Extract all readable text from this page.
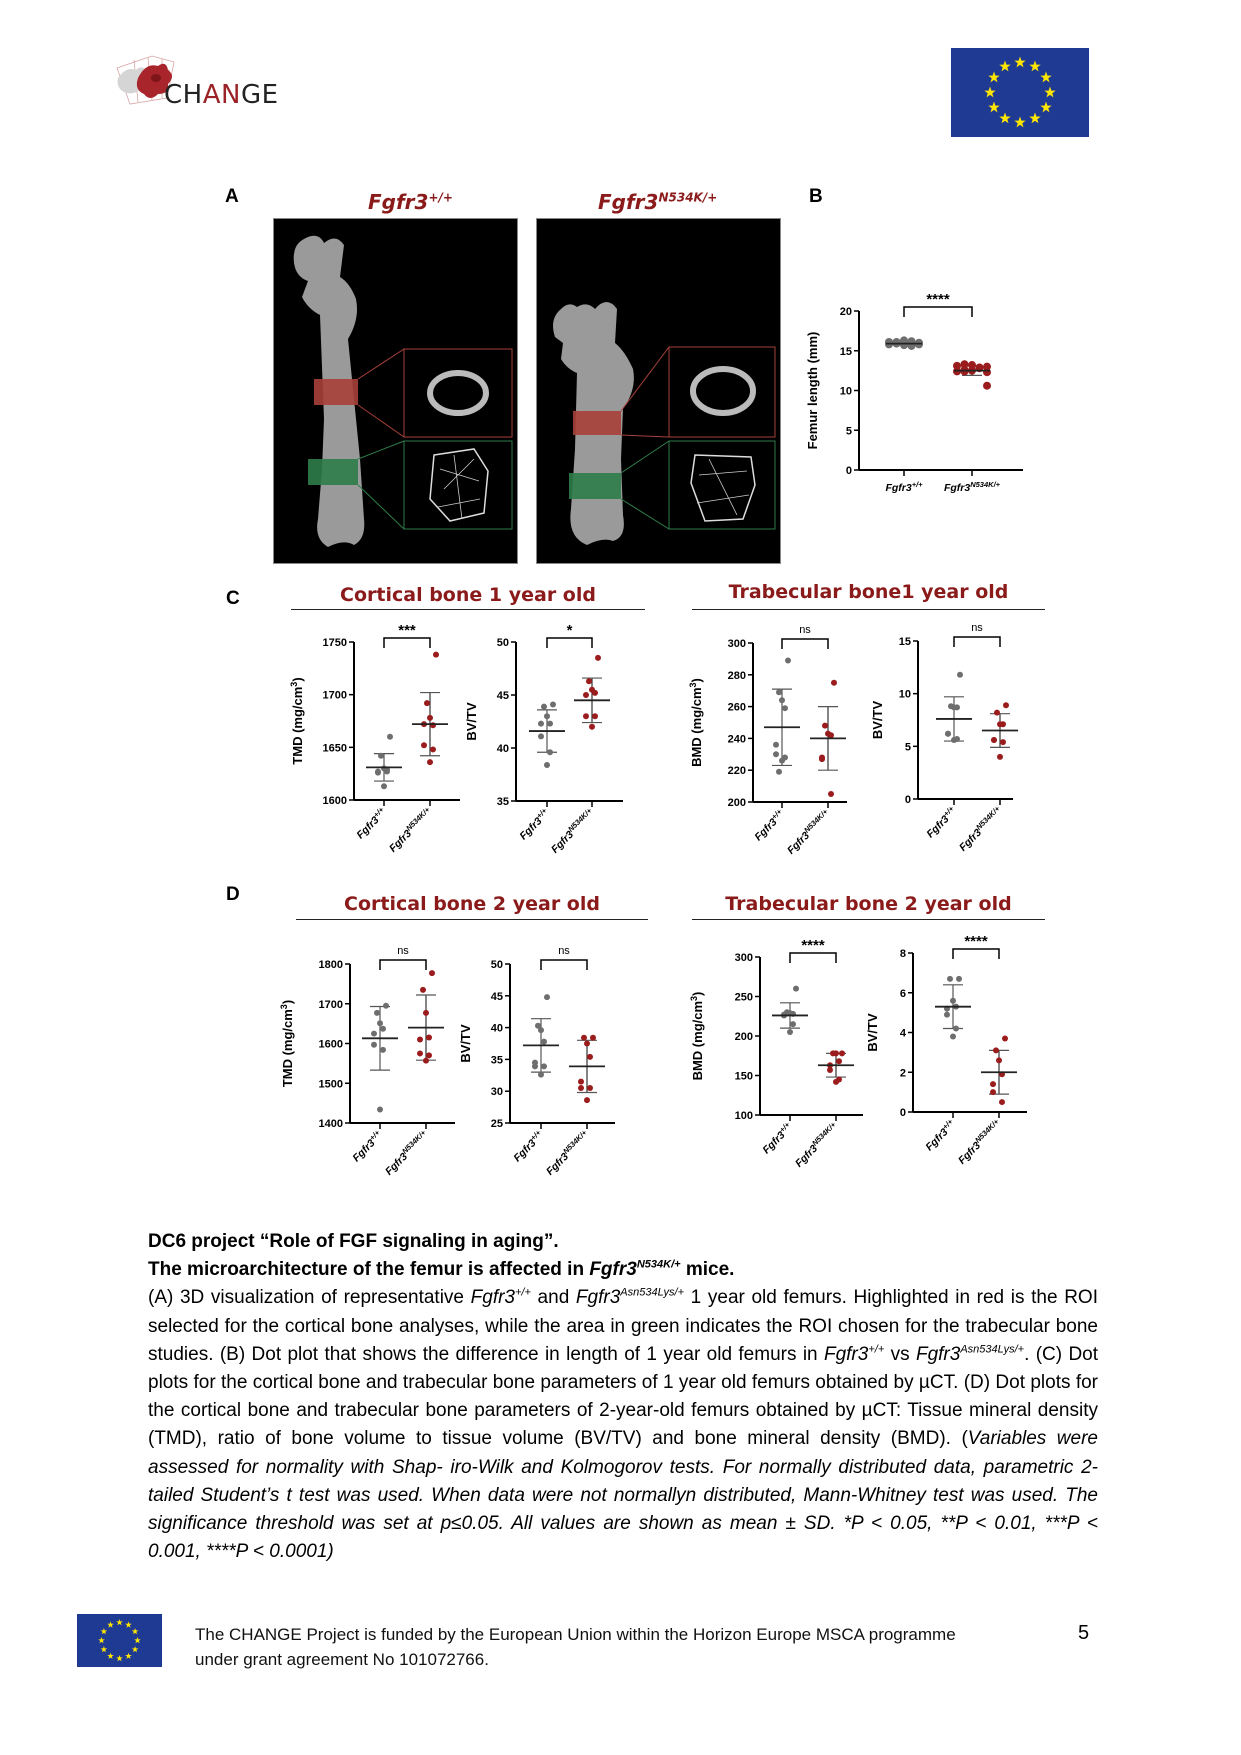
CHANGE
A	Fgfr3+/+	$Fgfr3^{N534K/+}$	B
0
5
10
15
20
Femur length (mm)
Fgfr3+/+ $Fgfr3^{N534K/+}$
****
C	Cortical bone 1 year old	Trabecular bone1 year old
1600
1650
1700
1750
TMD $(mg/cm^3)$
Fgfr3+/+
$Fgfr3^{N534K/+}$
***
35
40
45
50
BV/TV
Fgfr3+/+
$Fgfr3^{N534K/+}$
*
200
220
240
260
280
300
BMD $(mg/cm^3)$
Fgfr3+/+
$Fgfr3^{N534K/+}$
ns
0
5
10
15
BV/TV
Fgfr3+/+
$Fgfr3^{N534K/+}$
ns
D	Cortical bone 2 year old	Trabecular bone 2 year old
1400
1500
1600
1700
1800
TMD $(mg/cm^3)$
Fgfr3+/+
$Fgfr3^{N534K/+}$
ns
25
30
35
40
45
50
BV/TV
Fgfr3+/+
$Fgfr3^{N534K/+}$
ns
100
150
200
250
300
BMD $(mg/cm^3)$
Fgfr3+/+
$Fgfr3^{N534K/+}$
****
0
2
4
6
8
BV/TV
Fgfr3+/+
$Fgfr3^{N534K/+}$
****

DC6 project “Role of FGF signaling in aging”.

The microarchitecture of the femur is affected in $Fgfr3^{N534K/+}$ mice.

(A) 3D visualization of representative Fgfr3+/+ and $Fgfr3^{Asn534Lys/+}$ 1 year old femurs. Highlighted in red is the ROI selected for the cortical bone analyses, while the area in green indicates the ROI chosen for the trabecular bone studies. (B) Dot plot that shows the difference in length of 1 year old femurs in Fgfr3+/+ vs $Fgfr3^{Asn534Lys/+}$. (C) Dot plots for the cortical bone and trabecular bone parameters of 1 year old femurs obtained by µCT. (D) Dot plots for the cortical bone and trabecular bone parameters of 2-year-old femurs obtained by µCT: Tissue mineral density (TMD), ratio of bone volume to tissue volume (BV/TV) and bone mineral density (BMD). (Variables were assessed for normality with Shap- iro-Wilk and Kolmogorov tests. For normally distributed data, parametric 2-tailed Student’s t test was used. When data were not normallyn distributed, Mann-Whitney test was used. The significance threshold was set at p≤0.05. All values are shown as mean ± SD. *P < 0.05, **P < 0.01, ***P < 0.001, ****P < 0.0001)

The CHANGE Project is funded by the European Union within the Horizon Europe MSCA programme
under grant agreement No 101072766.
5
